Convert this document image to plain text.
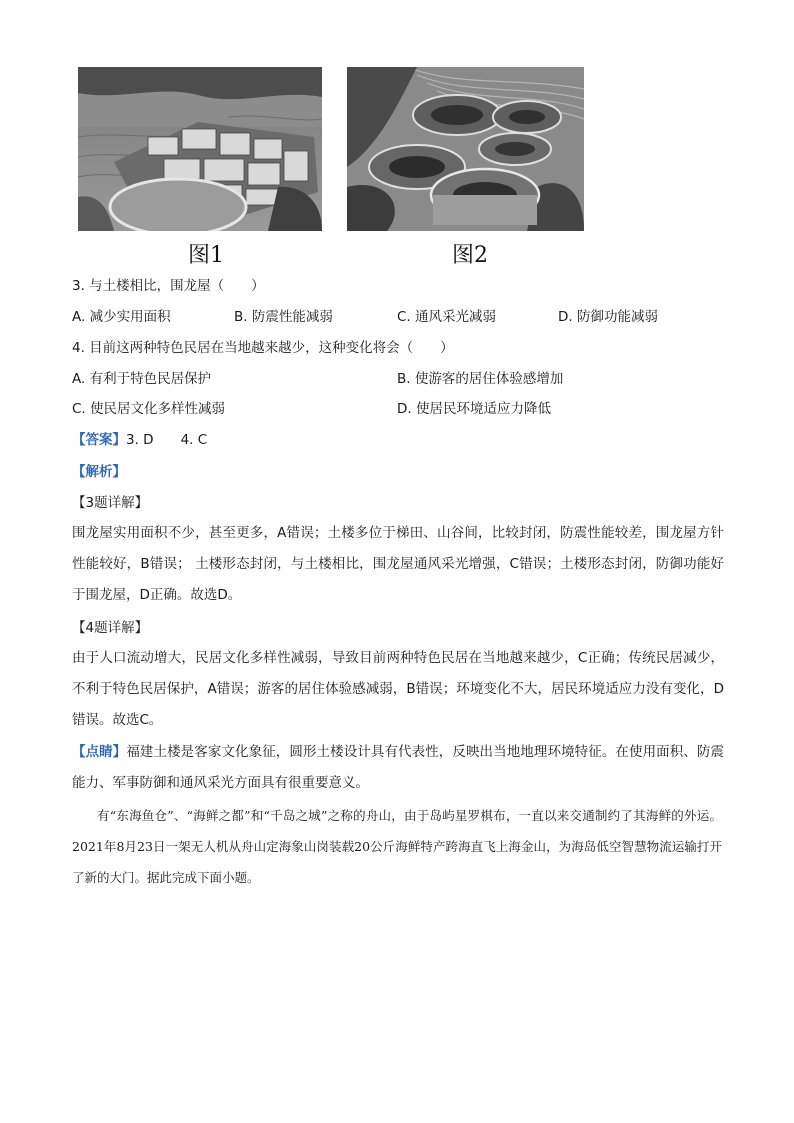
图1	图2
3. 与土楼相比，围龙屋（　　）
A. 减少实用面积	B. 防震性能减弱	C. 通风采光减弱	D. 防御功能减弱
4. 目前这两种特色民居在当地越来越少，这种变化将会（　　）
A. 有利于特色民居保护	B. 使游客的居住体验感增加
C. 使民居文化多样性减弱	D. 使居民环境适应力降低
【答案】3. D　　4. C
【解析】
【3题详解】
围龙屋实用面积不少，甚至更多，A错误；土楼多位于梯田、山谷间，比较封闭，防震性能较差，围龙屋方针性能较好，B错误； 土楼形态封闭，与土楼相比，围龙屋通风采光增强，C错误；土楼形态封闭，防御功能好于围龙屋，D正确。故选D。
【4题详解】
由于人口流动增大，民居文化多样性减弱，导致目前两种特色民居在当地越来越少，C正确；传统民居减少，不利于特色民居保护，A错误；游客的居住体验感减弱，B错误；环境变化不大，居民环境适应力没有变化，D错误。故选C。
【点睛】福建土楼是客家文化象征，圆形土楼设计具有代表性，反映出当地地理环境特征。在使用面积、防震能力、军事防御和通风采光方面具有很重要意义。
有“东海鱼仓”、“海鲜之都”和“千岛之城”之称的舟山，由于岛屿星罗棋布，一直以来交通制约了其海鲜的外运。2021年8月23日一架无人机从舟山定海象山岗装载20公斤海鲜特产跨海直飞上海金山，为海岛低空智慧物流运输打开了新的大门。据此完成下面小题。
